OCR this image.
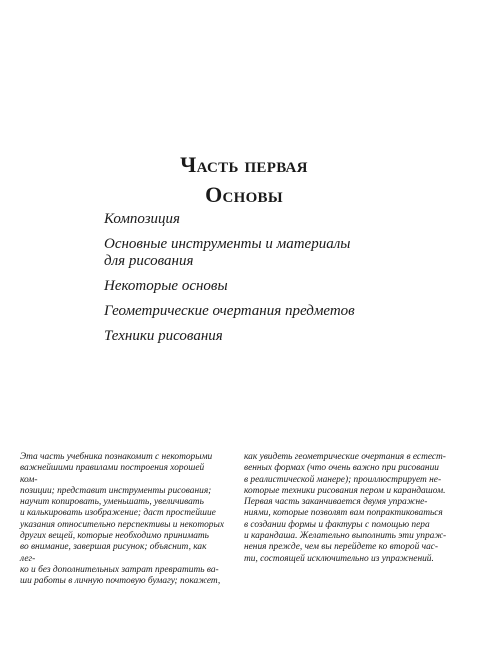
Часть первая
Основы
Композиция
Основные инструменты и материалы
для рисования
Некоторые основы
Геометрические очертания предметов
Техники рисования

Эта часть учебника познакомит с некоторыми
важнейшими правилами построения хорошей ком-
позиции; представит инструменты рисования;
научит копировать, уменьшать, увеличивать
и калькировать изображение; даст простейшие
указания относительно перспективы и некоторых
других вещей, которые необходимо принимать
во внимание, завершая рисунок; объяснит, как лег-
ко и без дополнительных затрат превратить ва-
ши работы в личную почтовую бумагу; покажет,

как увидеть геометрические очертания в естест-
венных формах (что очень важно при рисовании
в реалистической манере); проиллюстрирует не-
которые техники рисования пером и карандашом.
Первая часть заканчивается двумя упражне-
ниями, которые позволят вам попрактиковаться
в создании формы и фактуры с помощью пера
и карандаша. Желательно выполнить эти упраж-
нения прежде, чем вы перейдете ко второй час-
ти, состоящей исключительно из упражнений.
